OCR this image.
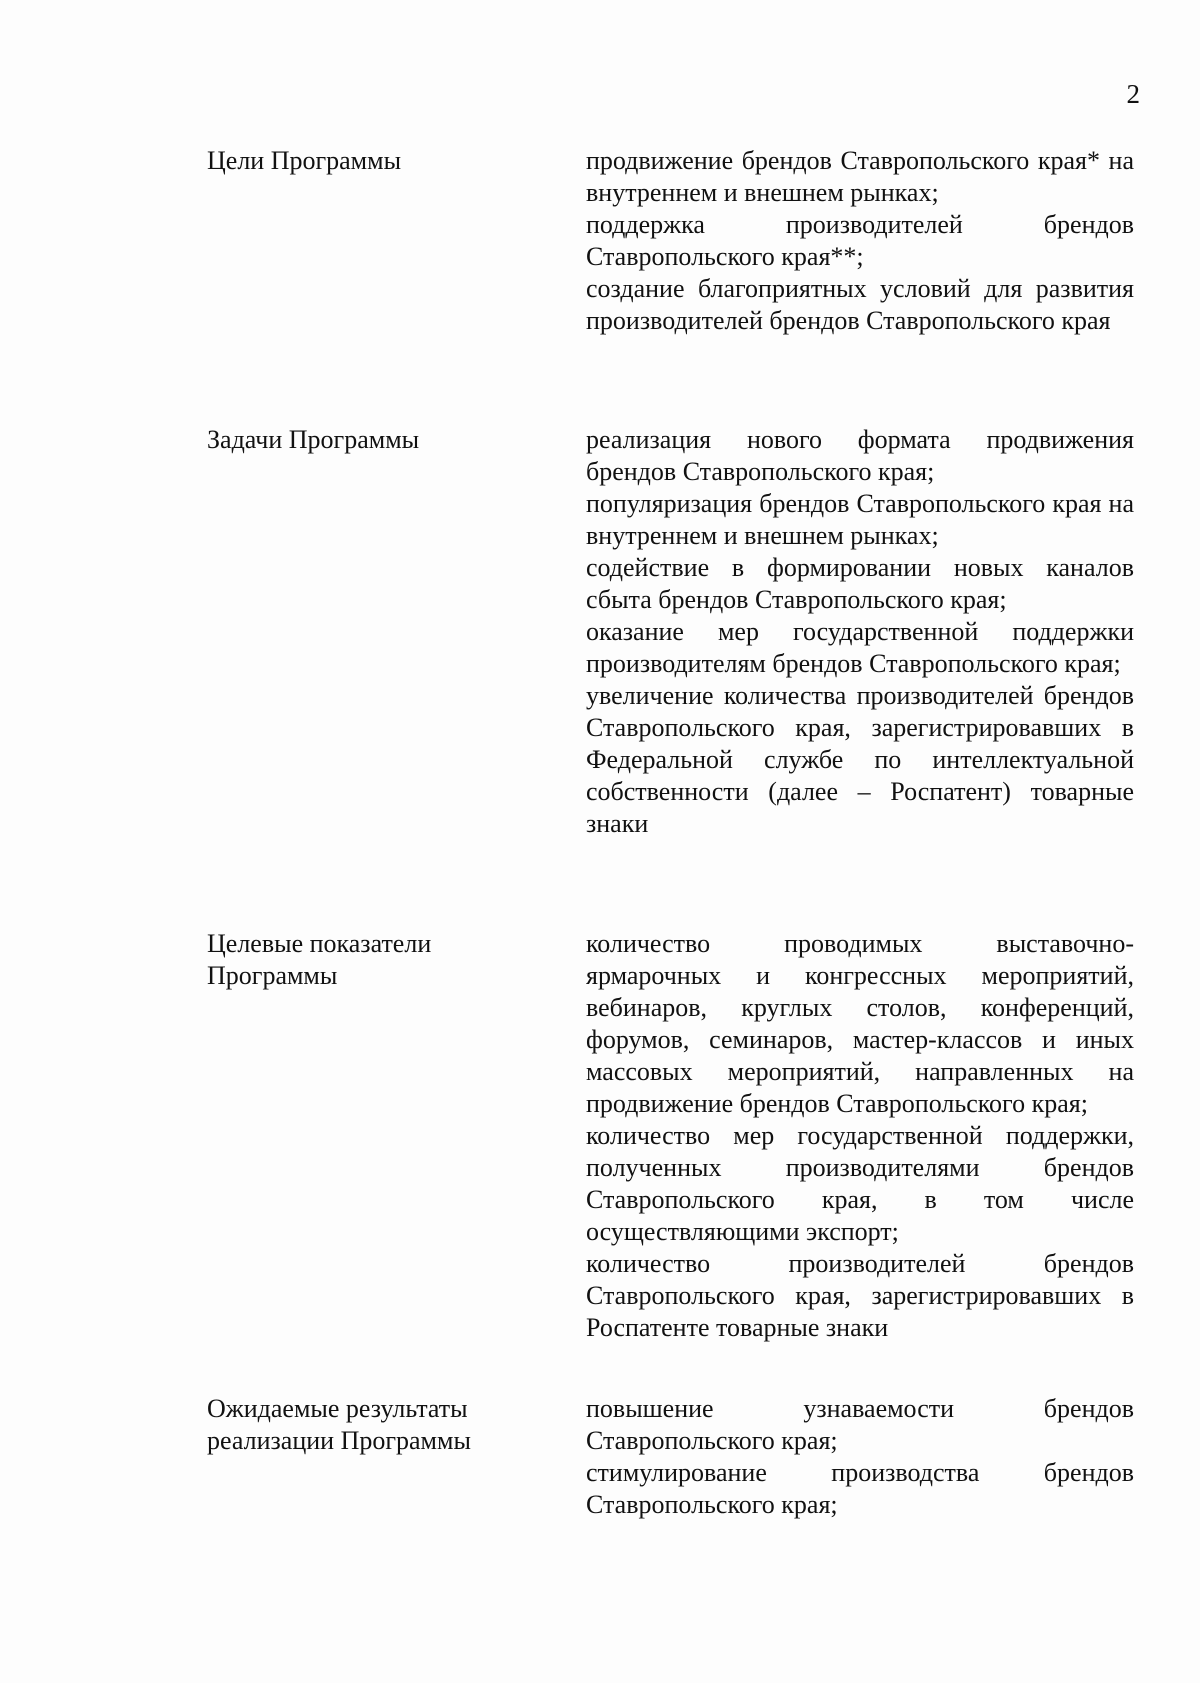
2
Цели Программы	продвижение брендов Ставропольского края* на внутреннем и внешнем рынках;

поддержка производителей брендов Ставропольского края**;

создание благоприятных условий для развития производителей брендов Ставропольского края

Задачи Программы	реализация нового формата продвижения брендов Ставропольского края;

популяризация брендов Ставропольского края на внутреннем и внешнем рынках;

содействие в формировании новых каналов сбыта брендов Ставропольского края;

оказание мер государственной поддержки производителям брендов Ставропольского края;

увеличение количества производителей брендов Ставропольского края, зарегистрировавших в Федеральной службе по интеллектуальной собственности (далее – Роспатент) товарные знаки

Целевые показатели Программы

количество проводимых выставочно-ярмарочных и конгрессных мероприятий, вебинаров, круглых столов, конференций, форумов, семинаров, мастер-классов и иных массовых мероприятий, направленных на продвижение брендов Ставропольского края;

количество мер государственной поддержки, полученных производителями брендов Ставропольского края, в том числе осуществляющими экспорт;

количество производителей брендов Ставропольского края, зарегистрировавших в Роспатенте товарные знаки

Ожидаемые результаты реализации Программы

повышение узнаваемости брендов Ставропольского края;

стимулирование производства брендов Ставропольского края;
